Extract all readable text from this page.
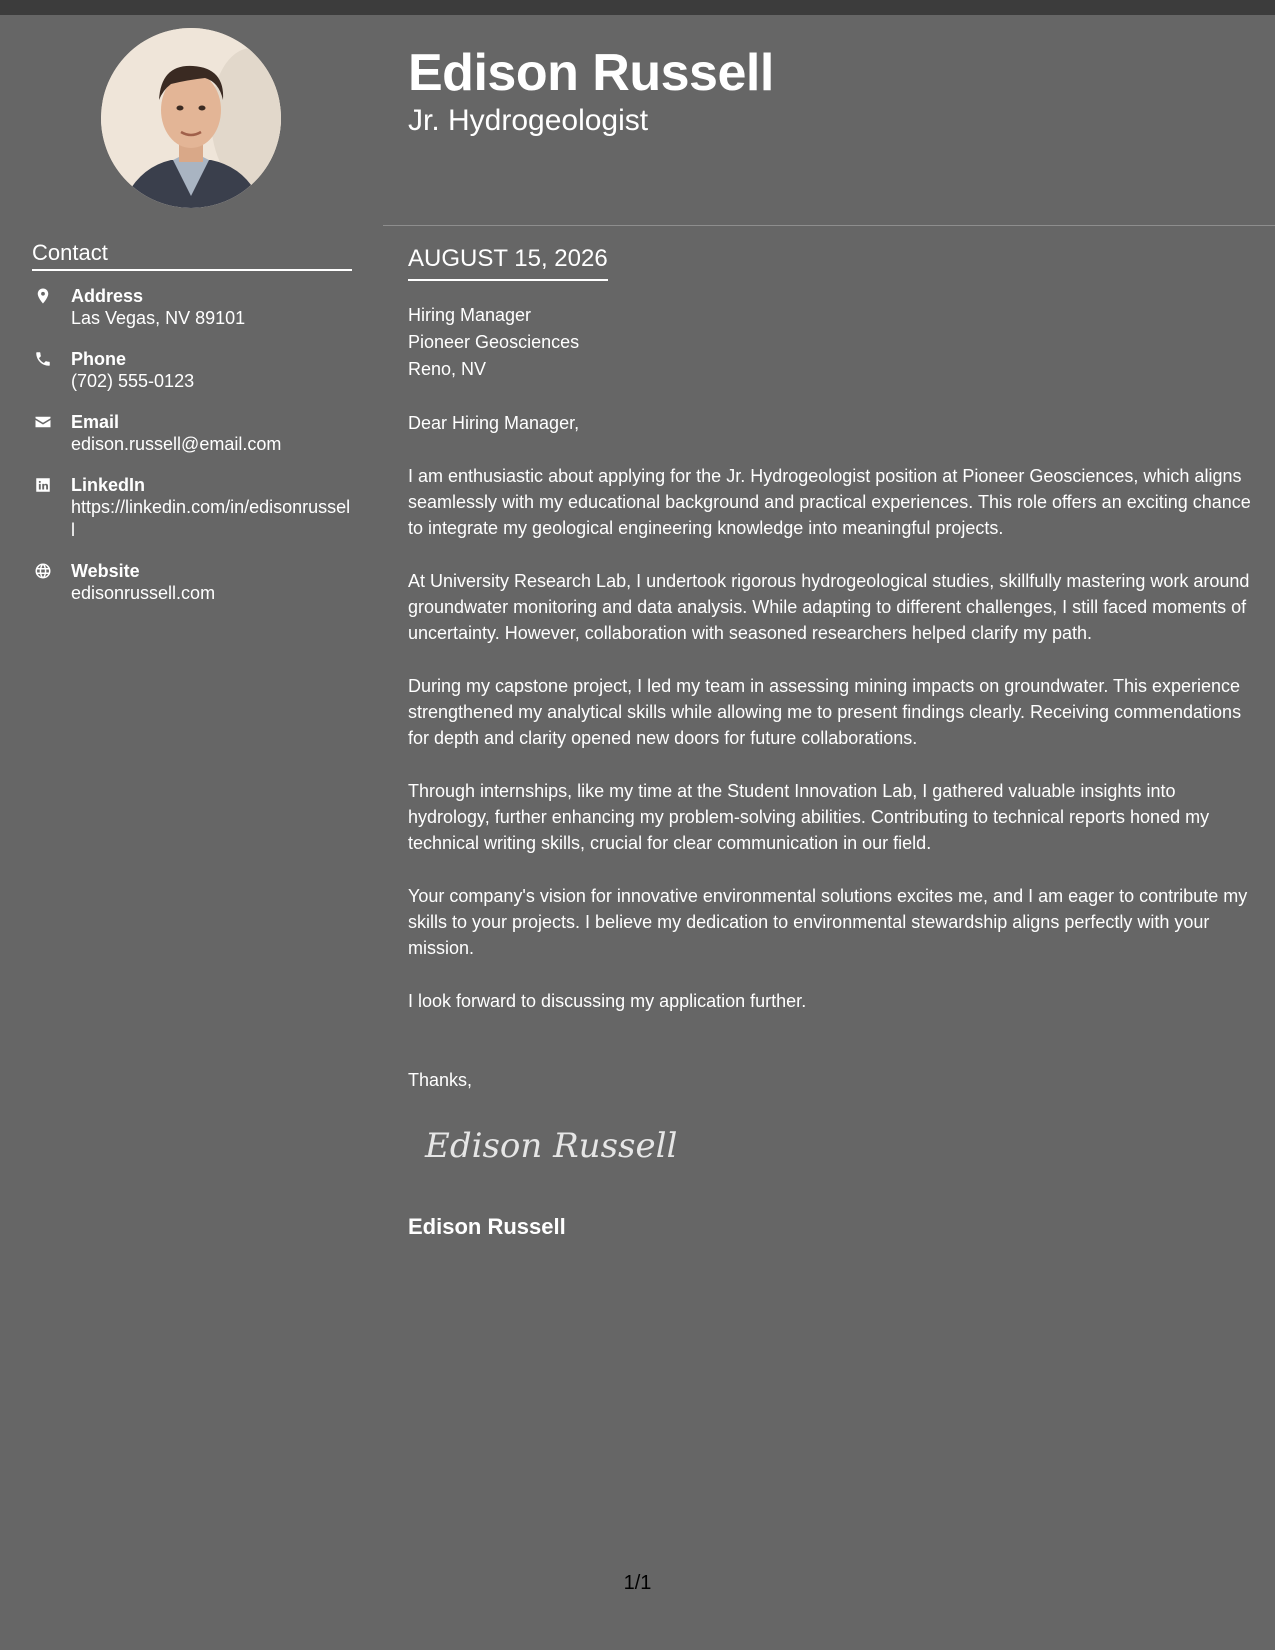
Contact
Address
Las Vegas, NV 89101
Phone
(702) 555-0123
Email
edison.russell@email.com
LinkedIn
https://linkedin.com/in/edisonrussell
Website
edisonrussell.com
Edison Russell
Jr. Hydrogeologist
AUGUST 15, 2026
Hiring Manager
Pioneer Geosciences
Reno, NV

Dear Hiring Manager,

I am enthusiastic about applying for the Jr. Hydrogeologist position at Pioneer Geosciences, which aligns seamlessly with my educational background and practical experiences. This role offers an exciting chance to integrate my geological engineering knowledge into meaningful projects.

At University Research Lab, I undertook rigorous hydrogeological studies, skillfully mastering work around groundwater monitoring and data analysis. While adapting to different challenges, I still faced moments of uncertainty. However, collaboration with seasoned researchers helped clarify my path.

During my capstone project, I led my team in assessing mining impacts on groundwater. This experience strengthened my analytical skills while allowing me to present findings clearly. Receiving commendations for depth and clarity opened new doors for future collaborations.

Through internships, like my time at the Student Innovation Lab, I gathered valuable insights into hydrology, further enhancing my problem-solving abilities. Contributing to technical reports honed my technical writing skills, crucial for clear communication in our field.

Your company's vision for innovative environmental solutions excites me, and I am eager to contribute my skills to your projects. I believe my dedication to environmental stewardship aligns perfectly with your mission.

I look forward to discussing my application further.

Thanks,
Edison Russell
Edison Russell
1/1
